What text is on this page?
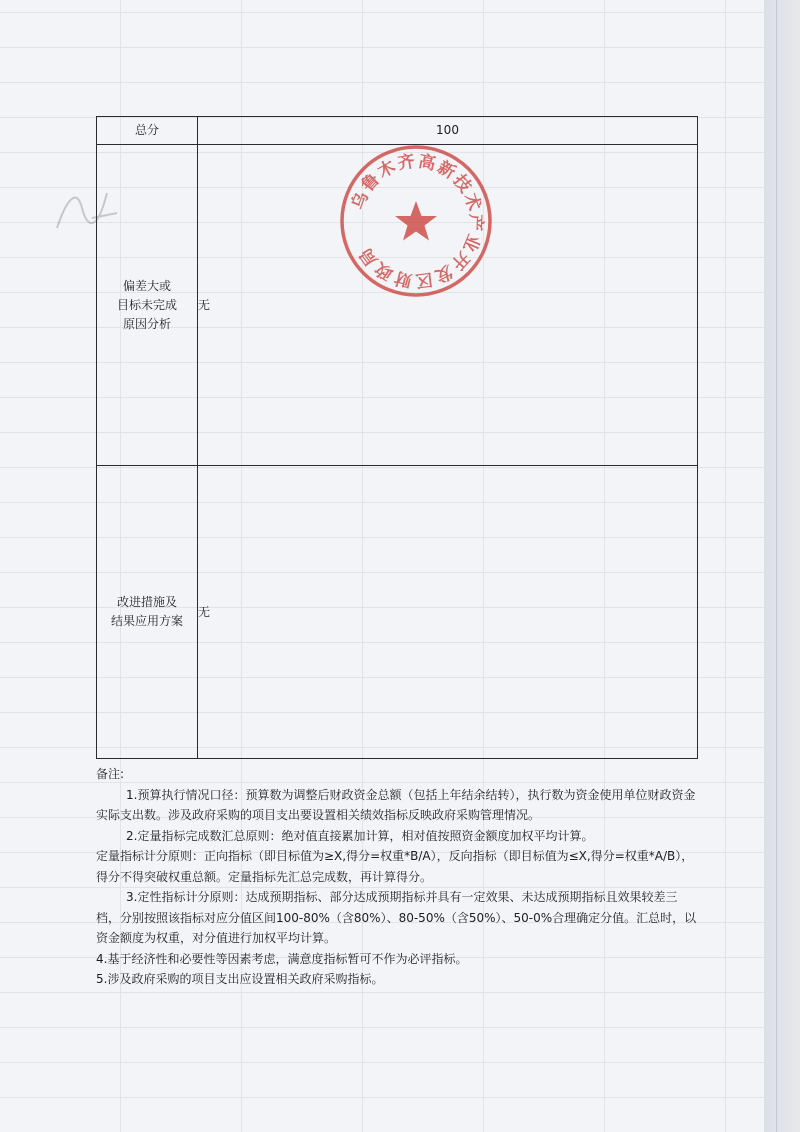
总分	100

偏差大或
目标未完成
原因分析	无

改进措施及
结果应用方案	无
乌鲁木齐高新技术产业开发区财政局

备注:

1.预算执行情况口径：预算数为调整后财政资金总额（包括上年结余结转），执行数为资金使用单位财政资金实际支出数。涉及政府采购的项目支出要设置相关绩效指标反映政府采购管理情况。

2.定量指标完成数汇总原则：绝对值直接累加计算，相对值按照资金额度加权平均计算。

定量指标计分原则：正向指标（即目标值为≥X,得分=权重*B/A），反向指标（即目标值为≤X,得分=权重*A/B），得分不得突破权重总额。定量指标先汇总完成数，再计算得分。

3.定性指标计分原则：达成预期指标、部分达成预期指标并具有一定效果、未达成预期指标且效果较差三档，分别按照该指标对应分值区间100-80%（含80%）、80-50%（含50%）、50-0%合理确定分值。汇总时，以资金额度为权重，对分值进行加权平均计算。

4.基于经济性和必要性等因素考虑，满意度指标暂可不作为必评指标。

5.涉及政府采购的项目支出应设置相关政府采购指标。
